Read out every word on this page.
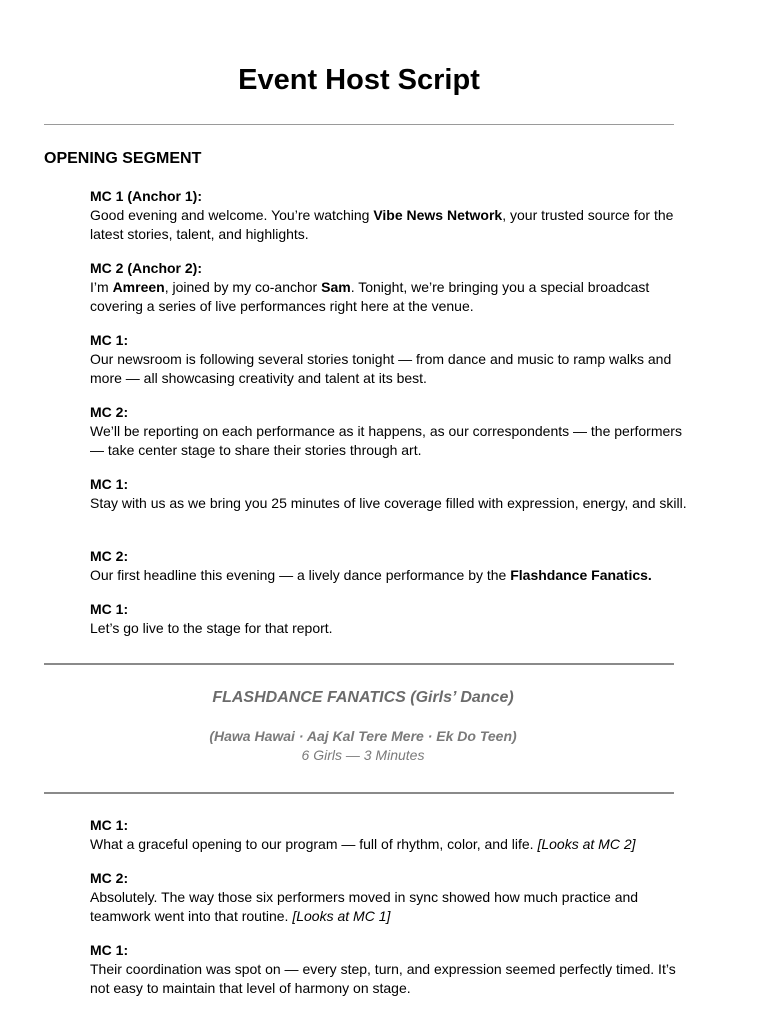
Event Host Script
OPENING SEGMENT
MC 1 (Anchor 1):
Good evening and welcome. You’re watching Vibe News Network, your trusted source for the latest stories, talent, and highlights.
MC 2 (Anchor 2):
I’m Amreen, joined by my co-anchor Sam. Tonight, we’re bringing you a special broadcast covering a series of live performances right here at the venue.
MC 1:
Our newsroom is following several stories tonight — from dance and music to ramp walks and more — all showcasing creativity and talent at its best.
MC 2:
We’ll be reporting on each performance as it happens, as our correspondents — the performers — take center stage to share their stories through art.
MC 1:
Stay with us as we bring you 25 minutes of live coverage filled with expression, energy, and skill.
MC 2:
Our first headline this evening — a lively dance performance by the Flashdance Fanatics.
MC 1:
Let’s go live to the stage for that report.
FLASHDANCE FANATICS (Girls’ Dance)
(Hawa Hawai · Aaj Kal Tere Mere · Ek Do Teen)
6 Girls — 3 Minutes
MC 1:
What a graceful opening to our program — full of rhythm, color, and life. [Looks at MC 2]
MC 2:
Absolutely. The way those six performers moved in sync showed how much practice and teamwork went into that routine. [Looks at MC 1]
MC 1:
Their coordination was spot on — every step, turn, and expression seemed perfectly timed. It’s not easy to maintain that level of harmony on stage.
